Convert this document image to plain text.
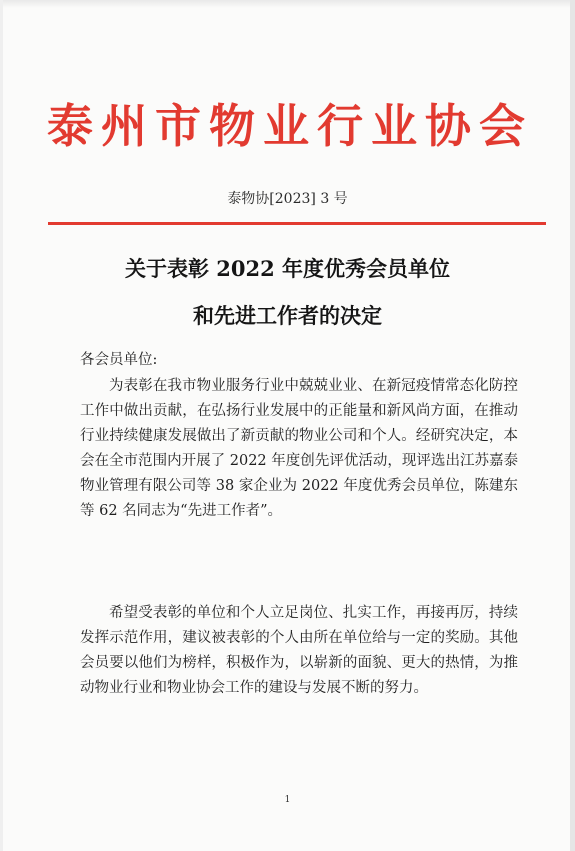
泰州市物业行业协会
泰物协[2023] 3 号
关于表彰 2022 年度优秀会员单位
和先进工作者的决定
各会员单位:

为表彰在我市物业服务行业中兢兢业业、在新冠疫情常态化防控工作中做出贡献，在弘扬行业发展中的正能量和新风尚方面，在推动行业持续健康发展做出了新贡献的物业公司和个人。经研究决定，本会在全市范围内开展了 2022 年度创先评优活动，现评选出江苏嘉泰物业管理有限公司等 38 家企业为 2022 年度优秀会员单位，陈建东等 62 名同志为“先进工作者”。

希望受表彰的单位和个人立足岗位、扎实工作，再接再厉，持续发挥示范作用，建议被表彰的个人由所在单位给与一定的奖励。其他会员要以他们为榜样，积极作为，以崭新的面貌、更大的热情，为推动物业行业和物业协会工作的建设与发展不断的努力。

1
